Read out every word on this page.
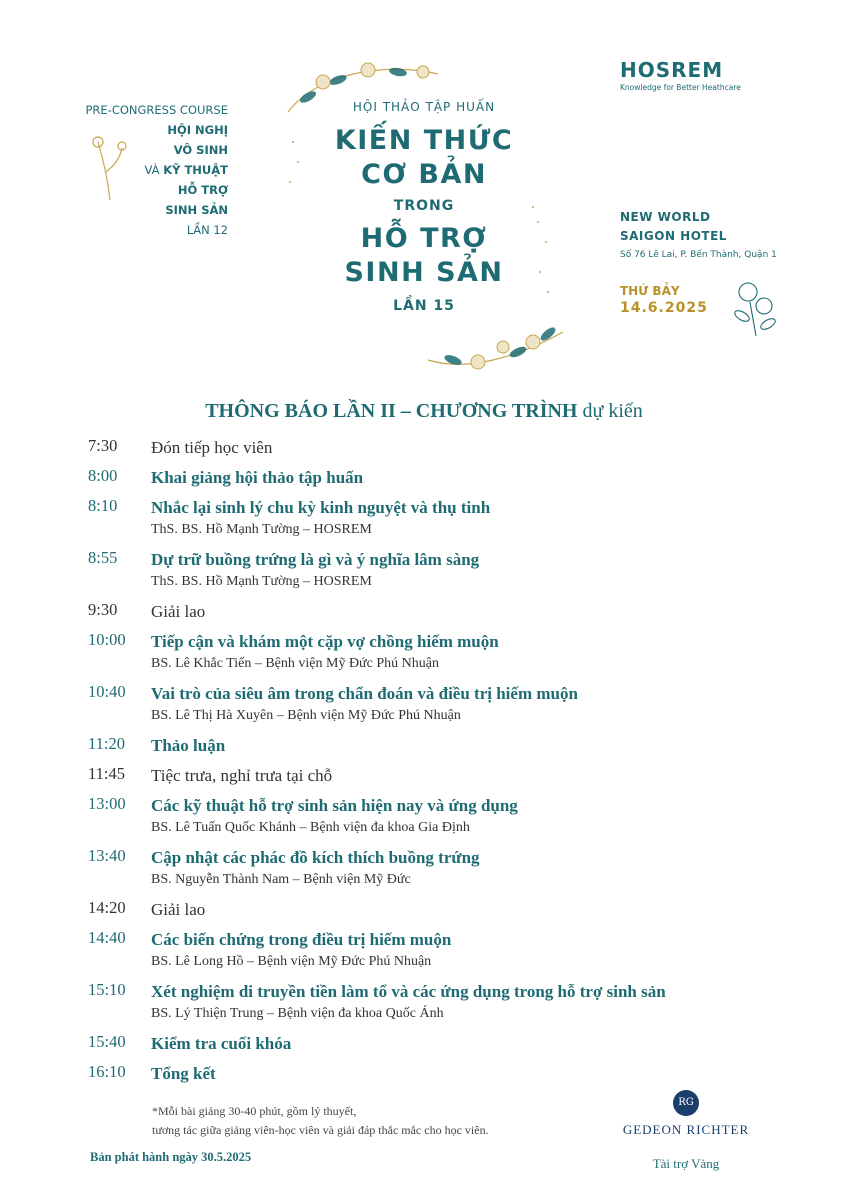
PRE-CONGRESS COURSE
HỘI NGHỊ
VÔ SINH
VÀ KỸ THUẬT
HỖ TRỢ
SINH SẢN
LẦN 12
HỘI THẢO TẬP HUẤN
KIẾN THỨC
CƠ BẢN
TRONG
HỖ TRỢ
SINH SẢN
LẦN 15
HOSREM
Knowledge for Better Heathcare
NEW WORLD
SAIGON HOTEL
Số 76 Lê Lai, P. Bến Thành, Quận 1
THỨ BẢY
14.6.2025
THÔNG BÁO LẦN II – CHƯƠNG TRÌNH dự kiến
7:30	Đón tiếp học viên
8:00	Khai giảng hội thảo tập huấn
8:10	Nhắc lại sinh lý chu kỳ kinh nguyệt và thụ tinh
ThS. BS. Hồ Mạnh Tường – HOSREM
8:55	Dự trữ buồng trứng là gì và ý nghĩa lâm sàng
ThS. BS. Hồ Mạnh Tường – HOSREM
9:30	Giải lao
10:00	Tiếp cận và khám một cặp vợ chồng hiếm muộn
BS. Lê Khắc Tiến – Bệnh viện Mỹ Đức Phú Nhuận
10:40	Vai trò của siêu âm trong chẩn đoán và điều trị hiếm muộn
BS. Lê Thị Hà Xuyên – Bệnh viện Mỹ Đức Phú Nhuận
11:20	Thảo luận
11:45	Tiệc trưa, nghỉ trưa tại chỗ
13:00	Các kỹ thuật hỗ trợ sinh sản hiện nay và ứng dụng
BS. Lê Tuấn Quốc Khánh – Bệnh viện đa khoa Gia Định
13:40	Cập nhật các phác đồ kích thích buồng trứng
BS. Nguyễn Thành Nam – Bệnh viện Mỹ Đức
14:20	Giải lao
14:40	Các biến chứng trong điều trị hiếm muộn
BS. Lê Long Hồ – Bệnh viện Mỹ Đức Phú Nhuận
15:10	Xét nghiệm di truyền tiền làm tổ và các ứng dụng trong hỗ trợ sinh sản
BS. Lý Thiện Trung – Bệnh viện đa khoa Quốc Ánh
15:40	Kiểm tra cuối khóa
16:10	Tổng kết
*Mỗi bài giảng 30-40 phút, gồm lý thuyết,
tương tác giữa giảng viên-học viên và giải đáp thắc mắc cho học viên.
Bản phát hành ngày 30.5.2025
RG
GEDEON RICHTER
Tài trợ Vàng
